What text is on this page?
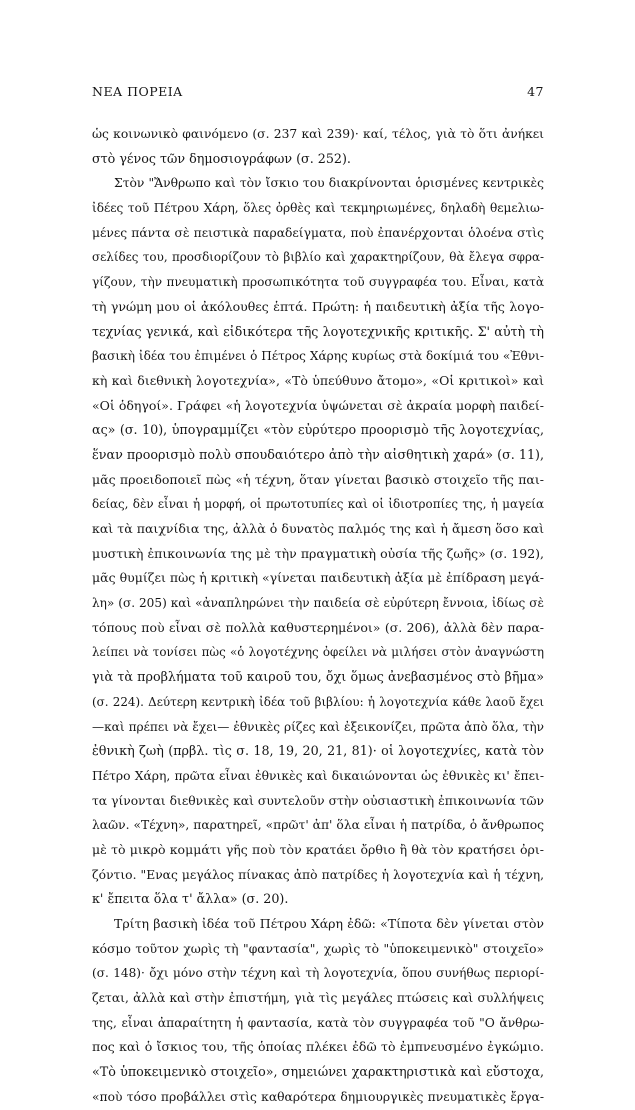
ΝΕΑ ΠΟΡΕΙΑ	47
ὡς κοινωνικὸ φαινόμενο (σ. 237 καὶ 239)· καί, τέλος, γιὰ τὸ ὅτι ἀνήκει
στὸ γένος τῶν δημοσιογράφων (σ. 252).
Στὸν "Ἄνθρωπο καὶ τὸν ἴσκιο του διακρίνονται ὁρισμένες κεντρικὲς
ἰδέες τοῦ Πέτρου Χάρη, ὅλες ὀρθὲς καὶ τεκμηριωμένες, δηλαδὴ θεμελιω-
μένες πάντα σὲ πειστικὰ παραδείγματα, ποὺ ἐπανέρχονται ὁλοένα στὶς
σελίδες του, προσδιορίζουν τὸ βιβλίο καὶ χαρακτηρίζουν, θὰ ἔλεγα σφρα-
γίζουν, τὴν πνευματικὴ προσωπικότητα τοῦ συγγραφέα του. Εἶναι, κατὰ
τὴ γνώμη μου οἱ ἀκόλουθες ἑπτά. Πρώτη: ἡ παιδευτικὴ ἀξία τῆς λογο-
τεχνίας γενικά, καὶ εἰδικότερα τῆς λογοτεχνικῆς κριτικῆς. Σ' αὐτὴ τὴ
βασικὴ ἰδέα του ἐπιμένει ὁ Πέτρος Χάρης κυρίως στὰ δοκίμιά του «Ἐθνι-
κὴ καὶ διεθνικὴ λογοτεχνία», «Τὸ ὑπεύθυνο ἄτομο», «Οἱ κριτικοὶ» καὶ
«Οἱ ὁδηγοί». Γράφει «ἡ λογοτεχνία ὑψώνεται σὲ ἀκραία μορφὴ παιδεί-
ας» (σ. 10), ὑπογραμμίζει «τὸν εὐρύτερο προορισμὸ τῆς λογοτεχνίας,
ἕναν προορισμὸ πολὺ σπουδαιότερο ἀπὸ τὴν αἰσθητικὴ χαρά» (σ. 11),
μᾶς προειδοποιεῖ πὼς «ἡ τέχνη, ὅταν γίνεται βασικὸ στοιχεῖο τῆς παι-
δείας, δὲν εἶναι ἡ μορφή, οἱ πρωτοτυπίες καὶ οἱ ἰδιοτροπίες της, ἡ μαγεία
καὶ τὰ παιχνίδια της, ἀλλὰ ὁ δυνατὸς παλμός της καὶ ἡ ἄμεση ὅσο καὶ
μυστικὴ ἐπικοινωνία της μὲ τὴν πραγματικὴ οὐσία τῆς ζωῆς» (σ. 192),
μᾶς θυμίζει πὼς ἡ κριτικὴ «γίνεται παιδευτικὴ ἀξία μὲ ἐπίδραση μεγά-
λη» (σ. 205) καὶ «ἀναπληρώνει τὴν παιδεία σὲ εὐρύτερη ἔννοια, ἰδίως σὲ
τόπους ποὺ εἶναι σὲ πολλὰ καθυστερημένοι» (σ. 206), ἀλλὰ δὲν παρα-
λείπει νὰ τονίσει πὼς «ὁ λογοτέχνης ὀφείλει νὰ μιλήσει στὸν ἀναγνώστη
γιὰ τὰ προβλήματα τοῦ καιροῦ του, ὄχι ὅμως ἀνεβασμένος στὸ βῆμα»
(σ. 224). Δεύτερη κεντρικὴ ἰδέα τοῦ βιβλίου: ἡ λογοτεχνία κάθε λαοῦ ἔχει
—καὶ πρέπει νὰ ἔχει— ἐθνικὲς ρίζες καὶ ἐξεικονίζει, πρῶτα ἀπὸ ὅλα, τὴν
ἐθνικὴ ζωὴ (πρβλ. τὶς σ. 18, 19, 20, 21, 81)· οἱ λογοτεχνίες, κατὰ τὸν
Πέτρο Χάρη, πρῶτα εἶναι ἐθνικὲς καὶ δικαιώνονται ὡς ἐθνικὲς κι' ἔπει-
τα γίνονται διεθνικὲς καὶ συντελοῦν στὴν οὐσιαστικὴ ἐπικοινωνία τῶν
λαῶν. «Τέχνη», παρατηρεῖ, «πρῶτ' ἀπ' ὅλα εἶναι ἡ πατρίδα, ὁ ἄνθρωπος
μὲ τὸ μικρὸ κομμάτι γῆς ποὺ τὸν κρατάει ὄρθιο ἢ θὰ τὸν κρατήσει ὀρι-
ζόντιο. "Ενας μεγάλος πίνακας ἀπὸ πατρίδες ἡ λογοτεχνία καὶ ἡ τέχνη,
κ' ἔπειτα ὅλα τ' ἄλλα» (σ. 20).
Τρίτη βασικὴ ἰδέα τοῦ Πέτρου Χάρη ἐδῶ: «Τίποτα δὲν γίνεται στὸν
κόσμο τοῦτον χωρὶς τὴ "φαντασία", χωρὶς τὸ "ὑποκειμενικὸ" στοιχεῖο»
(σ. 148)· ὄχι μόνο στὴν τέχνη καὶ τὴ λογοτεχνία, ὅπου συνήθως περιορί-
ζεται, ἀλλὰ καὶ στὴν ἐπιστήμη, γιὰ τὶς μεγάλες πτώσεις καὶ συλλήψεις
της, εἶναι ἀπαραίτητη ἡ φαντασία, κατὰ τὸν συγγραφέα τοῦ "Ο ἄνθρω-
πος καὶ ὁ ἴσκιος του, τῆς ὁποίας πλέκει ἐδῶ τὸ ἐμπνευσμένο ἐγκώμιο.
«Τὸ ὑποκειμενικὸ στοιχεῖο», σημειώνει χαρακτηριστικὰ καὶ εὔστοχα,
«ποὺ τόσο προβάλλει στὶς καθαρότερα δημιουργικὲς πνευματικὲς ἔργα-
